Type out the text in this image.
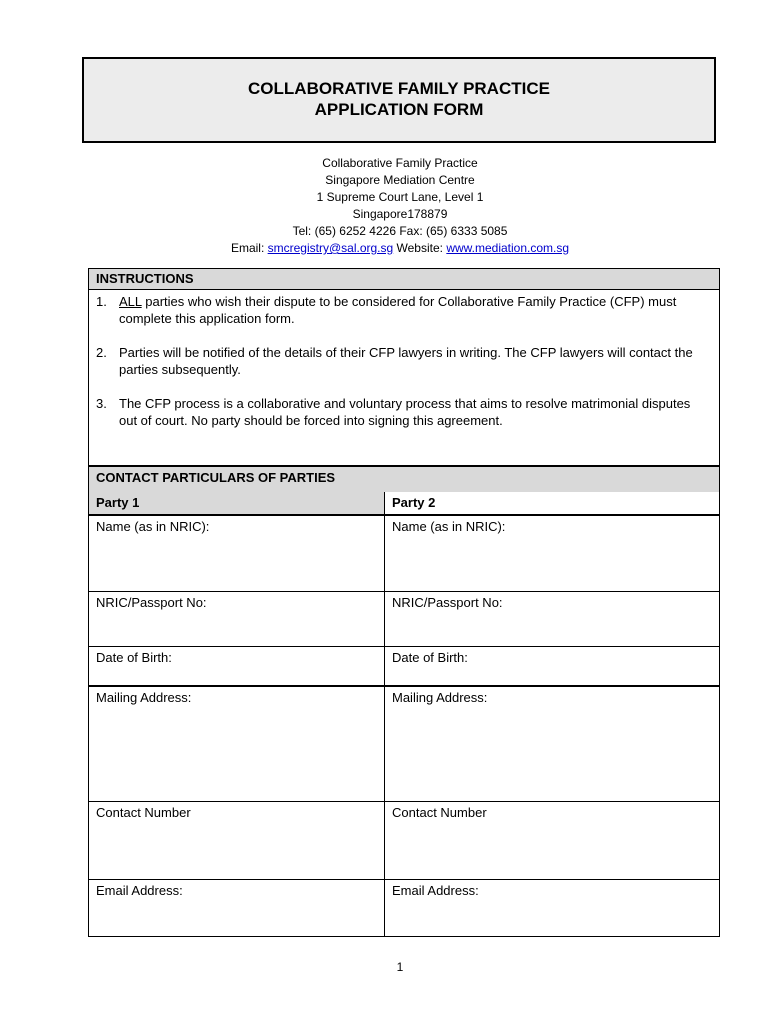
COLLABORATIVE FAMILY PRACTICE
APPLICATION FORM
Collaborative Family Practice
Singapore Mediation Centre
1 Supreme Court Lane, Level 1
Singapore178879
Tel: (65) 6252 4226 Fax: (65) 6333 5085
Email: smcregistry@sal.org.sg Website: www.mediation.com.sg
INSTRUCTIONS
1. ALL parties who wish their dispute to be considered for Collaborative Family Practice (CFP) must complete this application form.
2. Parties will be notified of the details of their CFP lawyers in writing. The CFP lawyers will contact the parties subsequently.
3. The CFP process is a collaborative and voluntary process that aims to resolve matrimonial disputes out of court. No party should be forced into signing this agreement.
CONTACT PARTICULARS OF PARTIES
Party 1	Party 2
Name (as in NRIC):	Name (as in NRIC):
NRIC/Passport No:	NRIC/Passport No:
Date of Birth:	Date of Birth:
Mailing Address:	Mailing Address:
Contact Number	Contact Number
Email Address:	Email Address:
1
